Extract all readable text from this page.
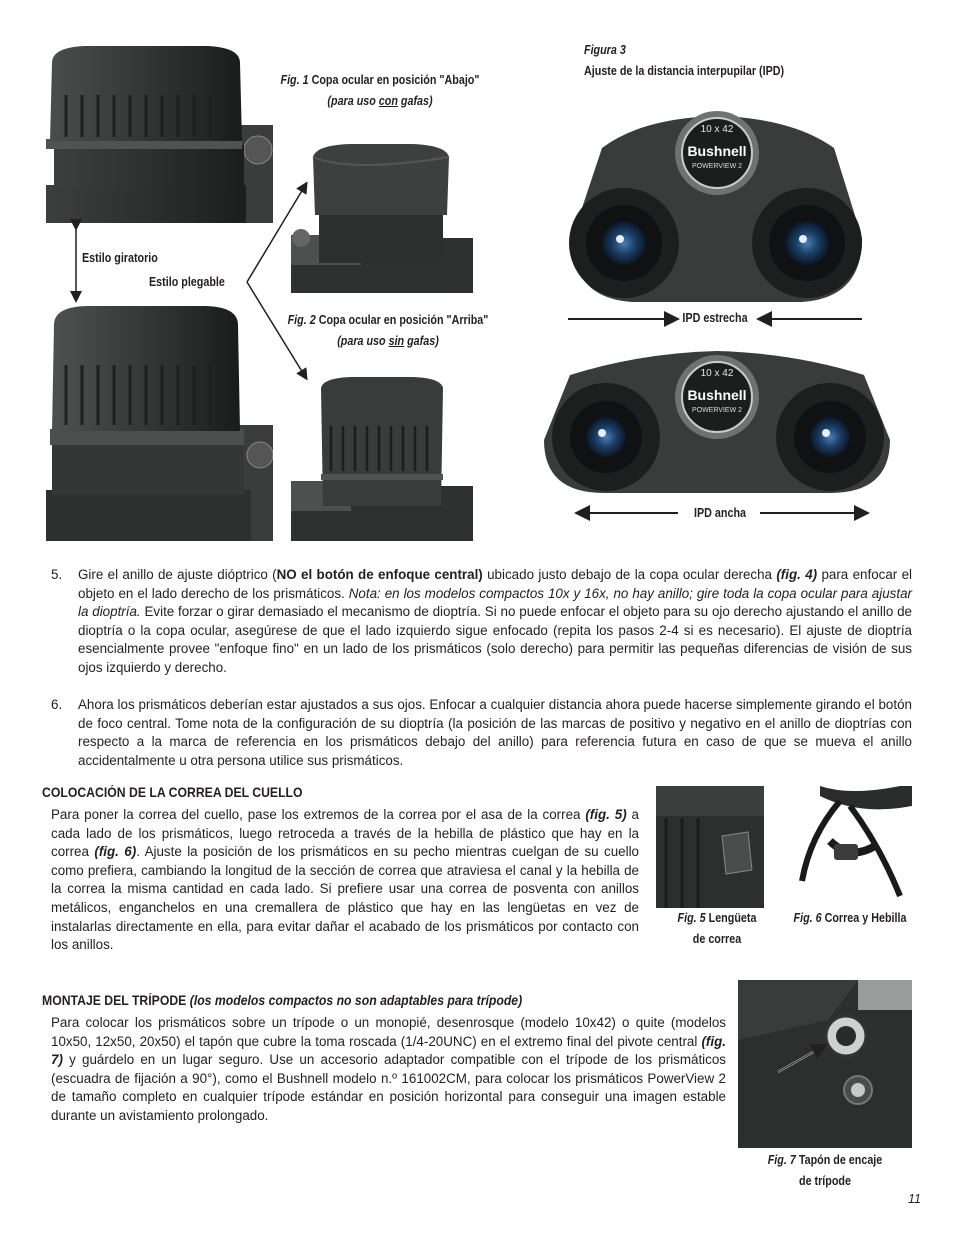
Fig. 1 Copa ocular en posición "Abajo"
(para uso con gafas)
Estilo giratorio
Estilo plegable
Fig. 2 Copa ocular en posición "Arriba"
(para uso sin gafas)
Figura 3
Ajuste de la distancia interpupilar (IPD)
10 x 42
Bushnell
POWERVIEW 2
IPD estrecha
10 x 42
Bushnell
POWERVIEW 2
IPD ancha
5. Gire el anillo de ajuste dióptrico (NO el botón de enfoque central) ubicado justo debajo de la copa ocular derecha (fig. 4) para enfocar el objeto en el lado derecho de los prismáticos. Nota: en los modelos compactos 10x y 16x, no hay anillo; gire toda la copa ocular para ajustar la dioptría. Evite forzar o girar demasiado el mecanismo de dioptría. Si no puede enfocar el objeto para su ojo derecho ajustando el anillo de dioptría o la copa ocular, asegúrese de que el lado izquierdo sigue enfocado (repita los pasos 2-4 si es necesario). El ajuste de dioptría esencialmente provee "enfoque fino" en un lado de los prismáticos (solo derecho) para permitir las pequeñas diferencias de visión de sus ojos izquierdo y derecho.
6. Ahora los prismáticos deberían estar ajustados a sus ojos. Enfocar a cualquier distancia ahora puede hacerse simplemente girando el botón de foco central. Tome nota de la configuración de su dioptría (la posición de las marcas de positivo y negativo en el anillo de dioptrías con respecto a la marca de referencia en los prismáticos debajo del anillo) para referencia futura en caso de que se mueva el anillo accidentalmente u otra persona utilice sus prismáticos.
COLOCACIÓN DE LA CORREA DEL CUELLO
Para poner la correa del cuello, pase los extremos de la correa por el asa de la correa (fig. 5) a cada lado de los prismáticos, luego retroceda a través de la hebilla de plástico que hay en la correa (fig. 6). Ajuste la posición de los prismáticos en su pecho mientras cuelgan de su cuello como prefiera, cambiando la longitud de la sección de correa que atraviesa el canal y la hebilla de la correa la misma cantidad en cada lado. Si prefiere usar una correa de posventa con anillos metálicos, enganchelos en una cremallera de plástico que hay en las lengüetas en vez de instalarlas directamente en ella, para evitar dañar el acabado de los prismáticos por contacto con los anillos.
Fig. 5 Lengüeta
de correa
Fig. 6 Correa y Hebilla
MONTAJE DEL TRÍPODE (los modelos compactos no son adaptables para trípode)
Para colocar los prismáticos sobre un trípode o un monopié, desenrosque (modelo 10x42) o quite (modelos 10x50, 12x50, 20x50) el tapón que cubre la toma roscada (1/4-20UNC) en el extremo final del pivote central (fig. 7) y guárdelo en un lugar seguro. Use un accesorio adaptador compatible con el trípode de los prismáticos (escuadra de fijación a 90°), como el Bushnell modelo n.º 161002CM, para colocar los prismáticos PowerView 2 de tamaño completo en cualquier trípode estándar en posición horizontal para conseguir una imagen estable durante un avistamiento prolongado.
Fig. 7 Tapón de encaje
de trípode
11
